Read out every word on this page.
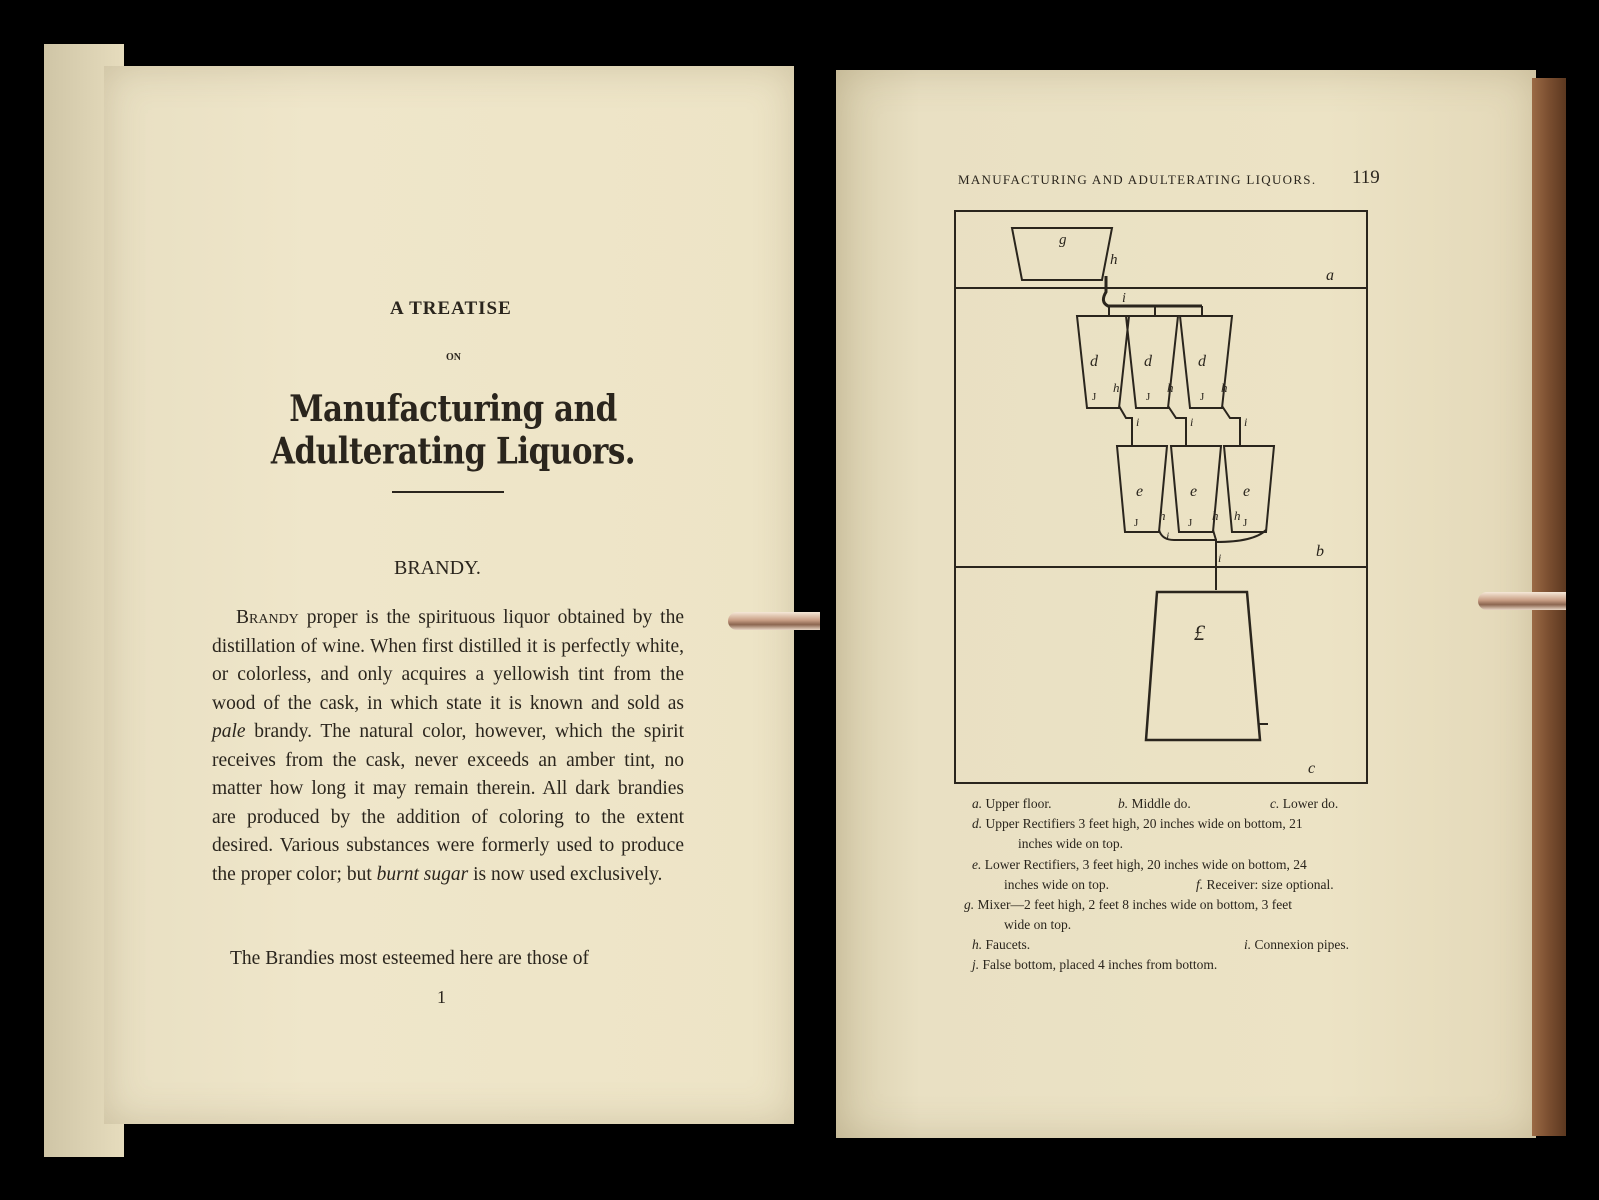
A TREATISE
ON
Manufacturing and Adulterating Liquors.
BRANDY.
Brandy proper is the spirituous liquor obtained by the distillation of wine. When first distilled it is perfectly white, or colorless, and only acquires a yellowish tint from the wood of the cask, in which state it is known and sold as pale brandy. The natural color, however, which the spirit receives from the cask, never exceeds an amber tint, no matter how long it may remain therein. All dark brandies are produced by the addition of coloring to the extent desired. Various substances were formerly used to produce the proper color; but burnt sugar is now used exclusively.
The Brandies most esteemed here are those of
1
MANUFACTURING AND ADULTERATING LIQUORS. 119
g
h
a
i
d	d	d
J	J	J
h	h	h
i	i	i
e	e	e
J	J	J
h	h h
i
i	b
£
c
a. Upper floor.	b. Middle do.	c. Lower do.
d. Upper Rectifiers 3 feet high, 20 inches wide on bottom, 21
inches wide on top.
e. Lower Rectifiers, 3 feet high, 20 inches wide on bottom, 24
inches wide on top.	f. Receiver: size optional.
g. Mixer—2 feet high, 2 feet 8 inches wide on bottom, 3 feet
wide on top.
h. Faucets.	i. Connexion pipes.
j. False bottom, placed 4 inches from bottom.
